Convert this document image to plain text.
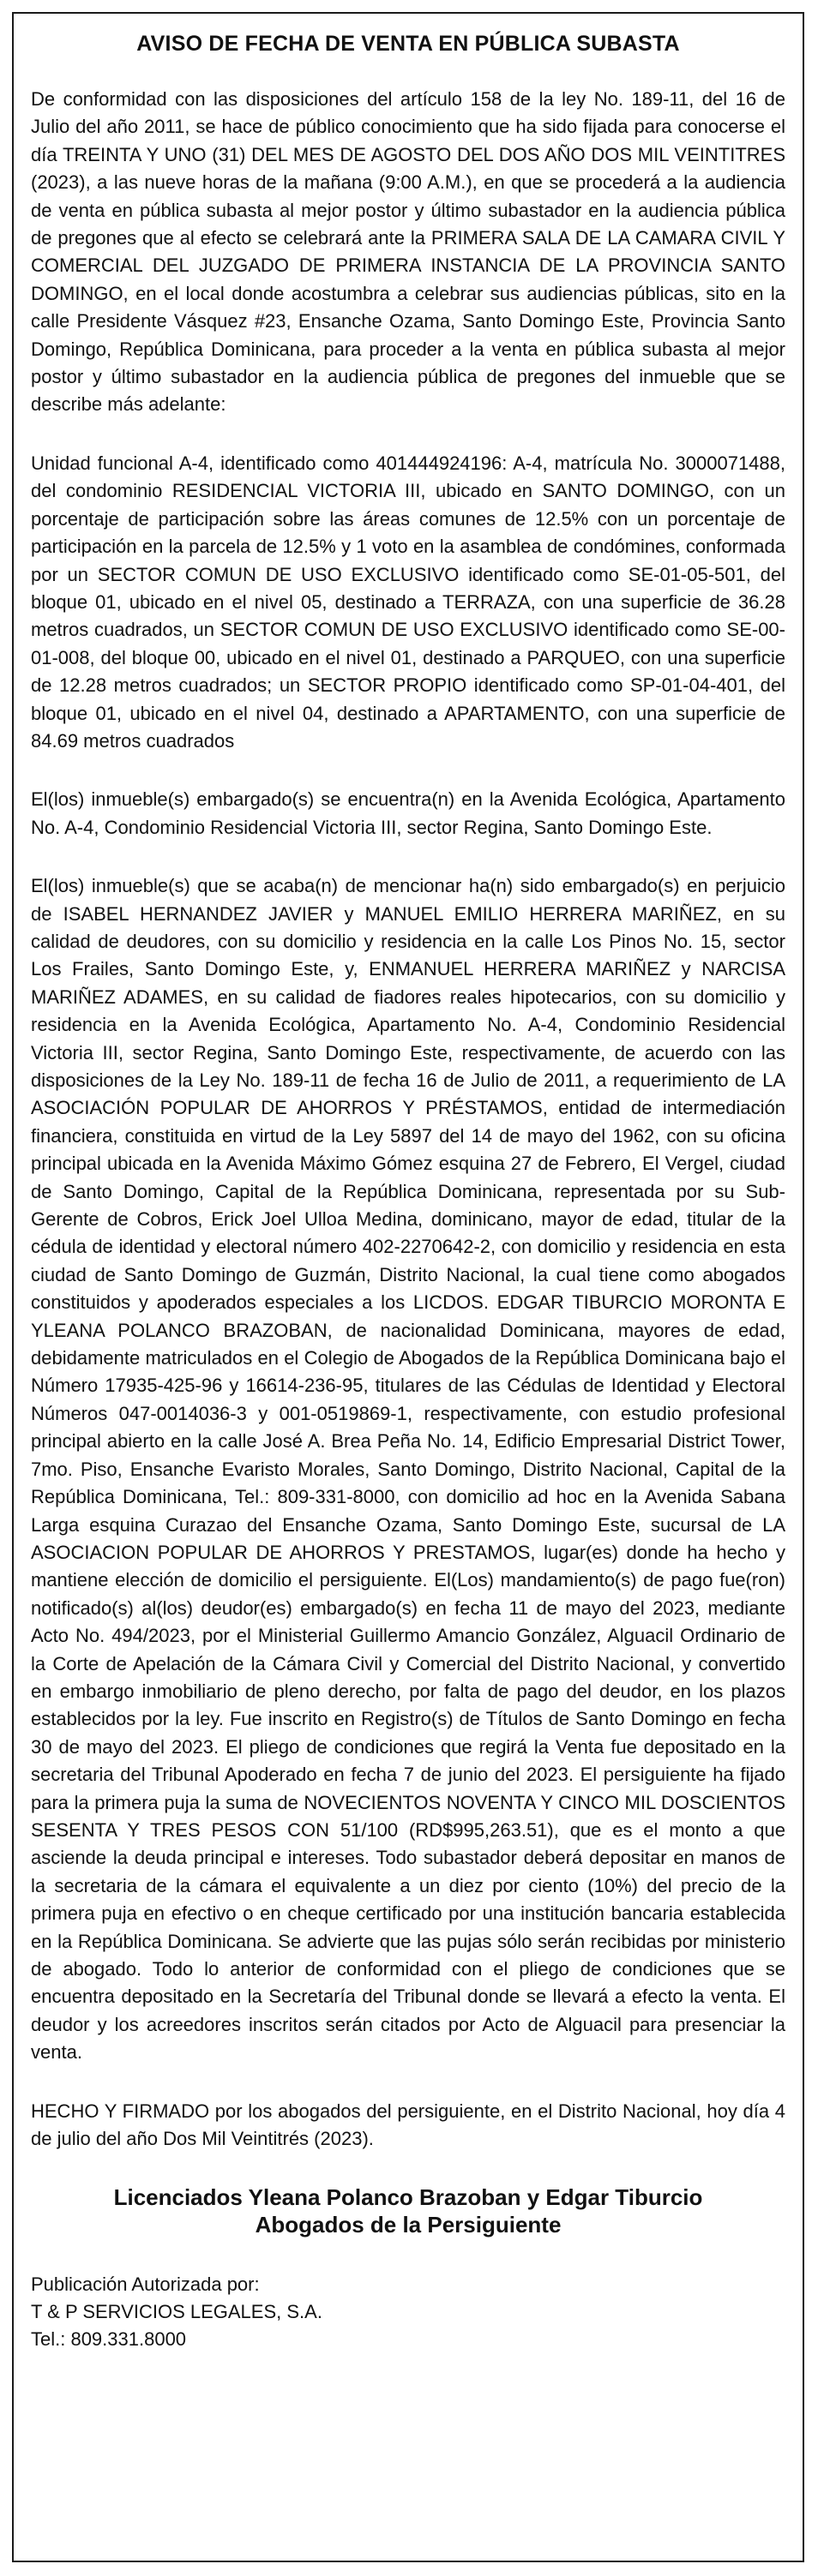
AVISO DE FECHA DE VENTA EN PÚBLICA SUBASTA

De conformidad con las disposiciones del artículo 158 de la ley No. 189-11, del 16 de Julio del año 2011, se hace de público conocimiento que ha sido fijada para conocerse el día TREINTA Y UNO (31) DEL MES DE AGOSTO DEL DOS AÑO DOS MIL VEINTITRES (2023), a las nueve horas de la mañana (9:00 A.M.), en que se procederá a la audiencia de venta en pública subasta al mejor postor y último subastador en la audiencia pública de pregones que al efecto se celebrará ante la PRIMERA SALA DE LA CAMARA CIVIL Y COMERCIAL DEL JUZGADO DE PRIMERA INSTANCIA DE LA PROVINCIA SANTO DOMINGO, en el local donde acostumbra a celebrar sus audiencias públicas, sito en la calle Presidente Vásquez #23, Ensanche Ozama, Santo Domingo Este, Provincia Santo Domingo, República Dominicana, para proceder a la venta en pública subasta al mejor postor y último subastador en la audiencia pública de pregones del inmueble que se describe más adelante:

Unidad funcional A-4, identificado como 401444924196: A-4, matrícula No. 3000071488, del condominio RESIDENCIAL VICTORIA III, ubicado en SANTO DOMINGO, con un porcentaje de participación sobre las áreas comunes de 12.5% con un porcentaje de participación en la parcela de 12.5% y 1 voto en la asamblea de condómines, conformada por un SECTOR COMUN DE USO EXCLUSIVO identificado como SE-01-05-501, del bloque 01, ubicado en el nivel 05, destinado a TERRAZA, con una superficie de 36.28 metros cuadrados, un SECTOR COMUN DE USO EXCLUSIVO identificado como SE-00-01-008, del bloque 00, ubicado en el nivel 01, destinado a PARQUEO, con una superficie de 12.28 metros cuadrados; un SECTOR PROPIO identificado como SP-01-04-401, del bloque 01, ubicado en el nivel 04, destinado a APARTAMENTO, con una superficie de 84.69 metros cuadrados

El(los) inmueble(s) embargado(s) se encuentra(n) en la Avenida Ecológica, Apartamento No. A-4, Condominio Residencial Victoria III, sector Regina, Santo Domingo Este.

El(los) inmueble(s) que se acaba(n) de mencionar ha(n) sido embargado(s) en perjuicio de ISABEL HERNANDEZ JAVIER y MANUEL EMILIO HERRERA MARIÑEZ, en su calidad de deudores, con su domicilio y residencia en la calle Los Pinos No. 15, sector Los Frailes, Santo Domingo Este, y, ENMANUEL HERRERA MARIÑEZ y NARCISA MARIÑEZ ADAMES, en su calidad de fiadores reales hipotecarios, con su domicilio y residencia en la Avenida Ecológica, Apartamento No. A-4, Condominio Residencial Victoria III, sector Regina, Santo Domingo Este, respectivamente, de acuerdo con las disposiciones de la Ley No. 189-11 de fecha 16 de Julio de 2011, a requerimiento de LA ASOCIACIÓN POPULAR DE AHORROS Y PRÉSTAMOS, entidad de intermediación financiera, constituida en virtud de la Ley 5897 del 14 de mayo del 1962, con su oficina principal ubicada en la Avenida Máximo Gómez esquina 27 de Febrero, El Vergel, ciudad de Santo Domingo, Capital de la República Dominicana, representada por su Sub-Gerente de Cobros, Erick Joel Ulloa Medina, dominicano, mayor de edad, titular de la cédula de identidad y electoral número 402-2270642-2, con domicilio y residencia en esta ciudad de Santo Domingo de Guzmán, Distrito Nacional, la cual tiene como abogados constituidos y apoderados especiales a los LICDOS. EDGAR TIBURCIO MORONTA E YLEANA POLANCO BRAZOBAN, de nacionalidad Dominicana, mayores de edad, debidamente matriculados en el Colegio de Abogados de la República Dominicana bajo el Número 17935-425-96 y 16614-236-95, titulares de las Cédulas de Identidad y Electoral Números 047-0014036-3 y 001-0519869-1, respectivamente, con estudio profesional principal abierto en la calle José A. Brea Peña No. 14, Edificio Empresarial District Tower, 7mo. Piso, Ensanche Evaristo Morales, Santo Domingo, Distrito Nacional, Capital de la República Dominicana, Tel.: 809-331-8000, con domicilio ad hoc en la Avenida Sabana Larga esquina Curazao del Ensanche Ozama, Santo Domingo Este, sucursal de LA ASOCIACION POPULAR DE AHORROS Y PRESTAMOS, lugar(es) donde ha hecho y mantiene elección de domicilio el persiguiente. El(Los) mandamiento(s) de pago fue(ron) notificado(s) al(los) deudor(es) embargado(s) en fecha 11 de mayo del 2023, mediante Acto No. 494/2023, por el Ministerial Guillermo Amancio González, Alguacil Ordinario de la Corte de Apelación de la Cámara Civil y Comercial del Distrito Nacional, y convertido en embargo inmobiliario de pleno derecho, por falta de pago del deudor, en los plazos establecidos por la ley. Fue inscrito en Registro(s) de Títulos de Santo Domingo en fecha 30 de mayo del 2023. El pliego de condiciones que regirá la Venta fue depositado en la secretaria del Tribunal Apoderado en fecha 7 de junio del 2023. El persiguiente ha fijado para la primera puja la suma de NOVECIENTOS NOVENTA Y CINCO MIL DOSCIENTOS SESENTA Y TRES PESOS CON 51/100 (RD$995,263.51), que es el monto a que asciende la deuda principal e intereses. Todo subastador deberá depositar en manos de la secretaria de la cámara el equivalente a un diez por ciento (10%) del precio de la primera puja en efectivo o en cheque certificado por una institución bancaria establecida en la República Dominicana. Se advierte que las pujas sólo serán recibidas por ministerio de abogado. Todo lo anterior de conformidad con el pliego de condiciones que se encuentra depositado en la Secretaría del Tribunal donde se llevará a efecto la venta. El deudor y los acreedores inscritos serán citados por Acto de Alguacil para presenciar la venta.

HECHO Y FIRMADO por los abogados del persiguiente, en el Distrito Nacional, hoy día 4 de julio del año Dos Mil Veintitrés (2023).

Licenciados Yleana Polanco Brazoban y Edgar Tiburcio
Abogados de la Persiguiente
Publicación Autorizada por:
T & P SERVICIOS LEGALES, S.A.
Tel.: 809.331.8000
